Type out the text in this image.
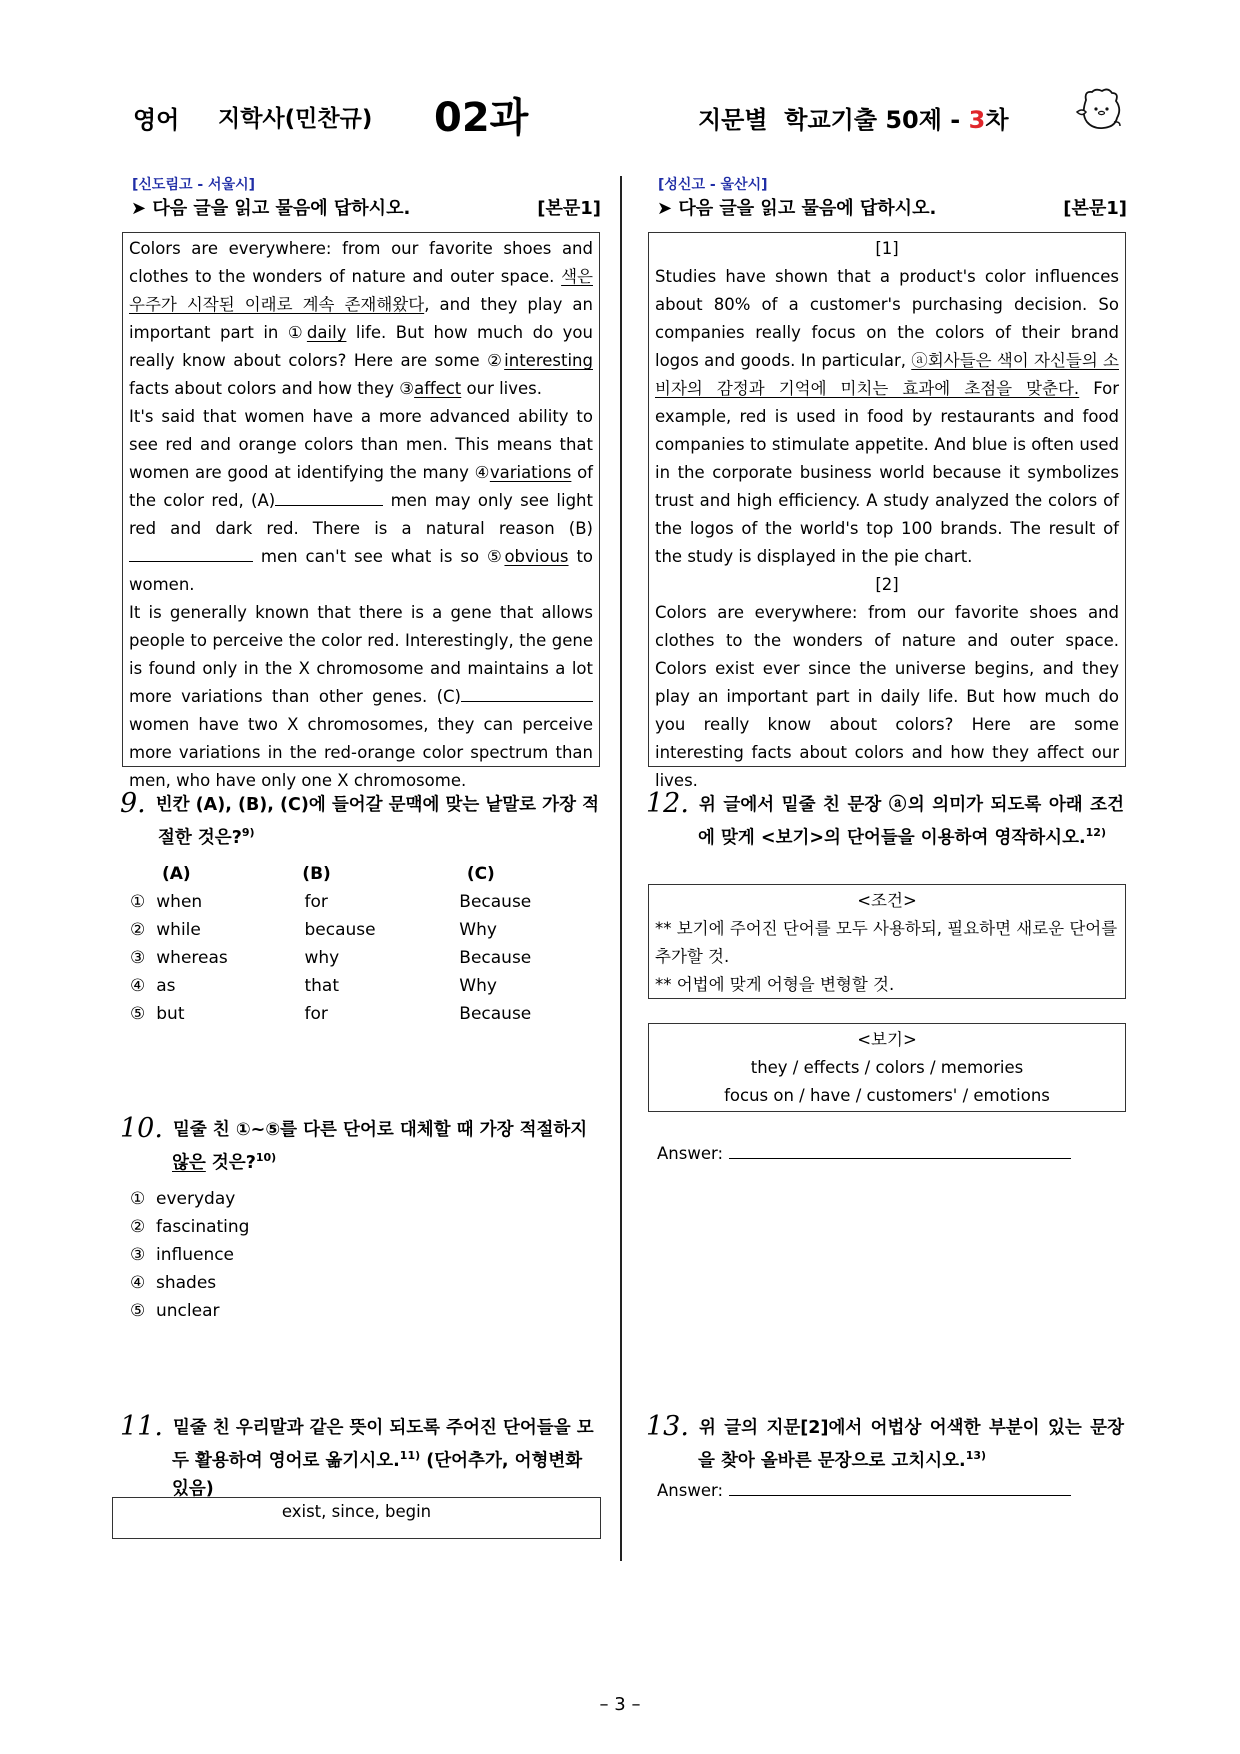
영어 지학사(민찬규) 02과	지문별  학교기출 50제 - 3차
[신도림고 - 서울시]
➤ 다음 글을 읽고 물음에 답하시오.	[본문1]

Colors are everywhere: from our favorite shoes and clothes to the wonders of nature and outer space. 색은 우주가 시작된 이래로 계속 존재해왔다, and they play an important part in ①daily life. But how much do you really know about colors? Here are some ②interesting facts about colors and how they ③affect our lives.

It's said that women have a more advanced ability to see red and orange colors than men. This means that women are good at identifying the many ④variations of the color red, (A)	men may only see light red and dark red. There is a natural reason (B) men can't see what is so ⑤obvious to women.

It is generally known that there is a gene that allows people to perceive the color red. Interestingly, the gene is found only in the X chromosome and maintains a lot more variations than other genes. (C) women have two X chromosomes, they can perceive more variations in the red-orange color spectrum than men, who have only one X chromosome.

9. 빈칸 (A), (B), (C)에 들어갈 문맥에 맞는 낱말로 가장 적절한 것은?$^{9)}$
(A)	(B)	(C)
① when	for	Because
② while	because	Why
③ whereas	why	Because
④ as	that	Why
⑤ but	for	Because
10. 밑줄 친 ①~⑤를 다른 단어로 대체할 때 가장 적절하지 않은 것은?$^{10)}$
① everyday
② fascinating
③ influence
④ shades
⑤ unclear
11. 밑줄 친 우리말과 같은 뜻이 되도록 주어진 단어들을 모두 활용하여 영어로 옮기시오.$^{11)}$ (단어추가, 어형변화 있음)
exist, since, begin
[성신고 - 울산시]
➤ 다음 글을 읽고 물음에 답하시오.	[본문1]

[1]

Studies have shown that a product's color influences about 80% of a customer's purchasing decision. So companies really focus on the colors of their brand logos and goods. In particular, ⓐ회사들은 색이 자신들의 소비자의 감정과 기억에 미치는 효과에 초점을 맞춘다. For example, red is used in food by restaurants and food companies to stimulate appetite. And blue is often used in the corporate business world because it symbolizes trust and high efficiency. A study analyzed the colors of the logos of the world's top 100 brands. The result of the study is displayed in the pie chart.

[2]

Colors are everywhere: from our favorite shoes and clothes to the wonders of nature and outer space. Colors exist ever since the universe begins, and they play an important part in daily life. But how much do you really know about colors? Here are some interesting facts about colors and how they affect our lives.

12. 위 글에서 밑줄 친 문장 ⓐ의 의미가 되도록 아래 조건에 맞게 <보기>의 단어들을 이용하여 영작하시오.$^{12)}$
<조건>
** 보기에 주어진 단어를 모두 사용하되, 필요하면 새로운 단어를 추가할 것.
** 어법에 맞게 어형을 변형할 것.
<보기>
they / effects / colors / memories
focus on / have / customers' / emotions
Answer:
13. 위 글의 지문[2]에서 어법상 어색한 부분이 있는 문장을 찾아 올바른 문장으로 고치시오.$^{13)}$
Answer:
– 3 –
